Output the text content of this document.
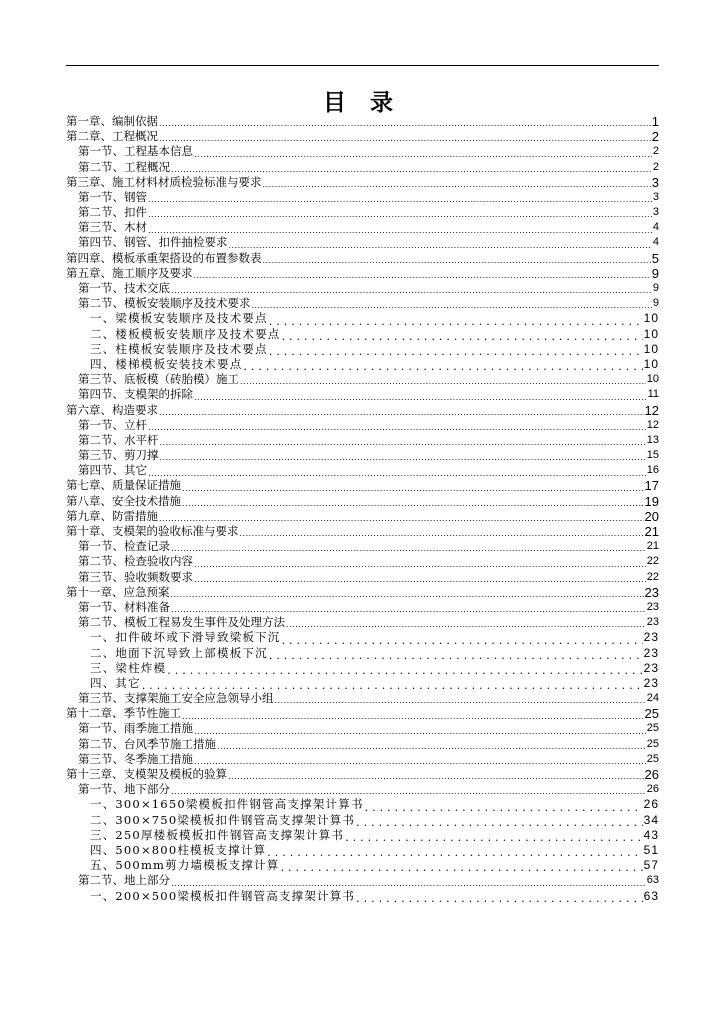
目 录
第一章、编制依据 .....	1
第二章、工程概况 .....	2
第一节、工程基本信息 .....	2
第二节、工程概况 .....	2
第三章、施工材料材质检验标准与要求 .....	3
第一节、钢管 .....	3
第二节、扣件 .....	3
第三节、木材 .....	4
第四节、钢管、扣件抽检要求 .....	4
第四章、模板承重架搭设的布置参数表 .....	5
第五章、施工顺序及要求 .....	9
第一节、技术交底 .....	9
第二节、模板安装顺序及技术要求 .....	9
一、梁模板安装顺序及技术要点 .....	10
二、楼板模板安装顺序及技术要点 .....	10
三、柱模板安装顺序及技术要点 .....	10
四、楼梯模板安装技术要点 .....	10
第三节、底板模（砖胎模）施工 .....	10
第四节、支模架的拆除 .....	11
第六章、构造要求 .....	12
第一节、立杆 .....	12
第二节、水平杆 .....	13
第三节、剪刀撑 .....	15
第四节、其它 .....	16
第七章、质量保证措施 .....	17
第八章、安全技术措施 .....	19
第九章、防雷措施 .....	20
第十章、支模架的验收标准与要求 .....	21
第一节、检查记录 .....	21
第二节、检查验收内容 .....	22
第三节、验收频数要求 .....	22
第十一章、应急预案 .....	23
第一节、材料准备 .....	23
第二节、模板工程易发生事件及处理方法 .....	23
一、扣件破坏或下滑导致梁板下沉 .....	23
二、地面下沉导致上部模板下沉 .....	23
三、梁柱炸模 .....	23
四、其它 .....	23
第三节、支撑架施工安全应急领导小组 .....	24
第十二章、季节性施工 .....	25
第一节、雨季施工措施 .....	25
第二节、台风季节施工措施 .....	25
第三节、冬季施工措施 .....	25
第十三章、支模架及模板的验算 .....	26
第一节、地下部分 .....	26
一、300×1650梁模板扣件钢管高支撑架计算书 .....	26
二、300×750梁模板扣件钢管高支撑架计算书 .....	34
三、250厚楼板模板扣件钢管高支撑架计算书 .....	43
四、500×800柱模板支撑计算 .....	51
五、500mm剪力墙模板支撑计算 .....	57
第二节、地上部分 .....	63
一、200×500梁模板扣件钢管高支撑架计算书 .....	63
